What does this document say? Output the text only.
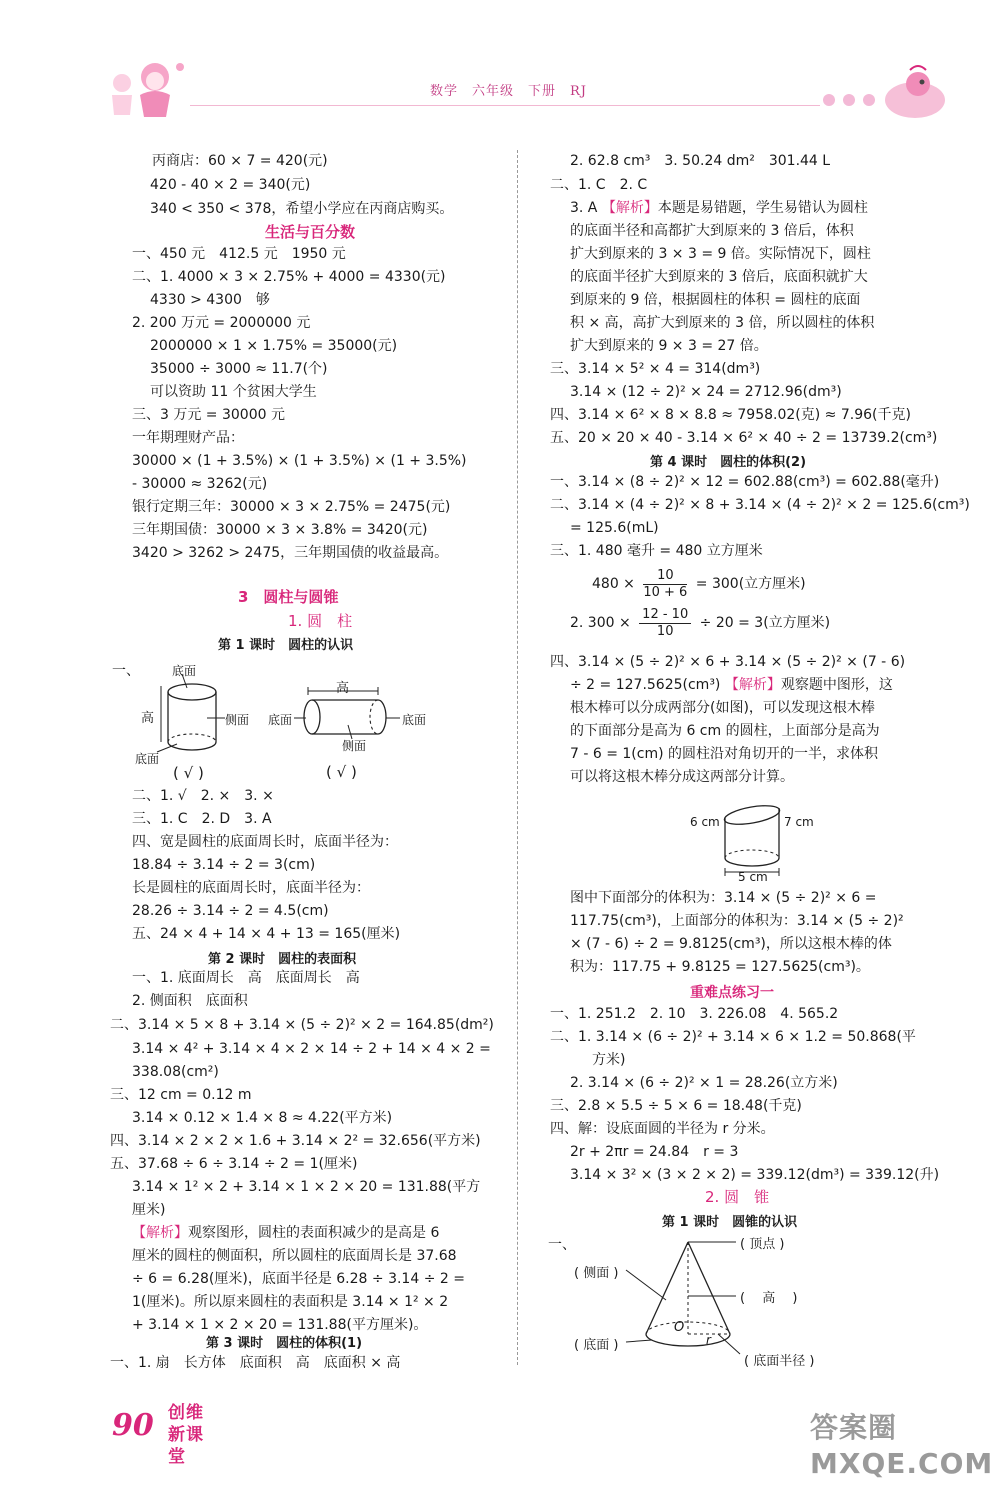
数学　六年级　下册　RJ
丙商店：60 × 7 = 420(元)
420 - 40 × 2 = 340(元)
340 < 350 < 378，希望小学应在丙商店购买。
生活与百分数
一、450 元　412.5 元　1950 元
二、1. 4000 × 3 × 2.75% + 4000 = 4330(元)
4330 > 4300　够
2. 200 万元 = 2000000 元
2000000 × 1 × 1.75% = 35000(元)
35000 ÷ 3000 ≈ 11.7(个)
可以资助 11 个贫困大学生
三、3 万元 = 30000 元
一年期理财产品：
30000 × (1 + 3.5%) × (1 + 3.5%) × (1 + 3.5%)
- 30000 ≈ 3262(元)
银行定期三年：30000 × 3 × 2.75% = 2475(元)
三年期国债：30000 × 3 × 3.8% = 3420(元)
3420 > 3262 > 2475，三年期国债的收益最高。
3　圆柱与圆锥
1. 圆　柱
第 1 课时　圆柱的认识
一、	底面
高	侧面
底面
( √ )
高
底面	底面
侧面
( √ )
二、1. √　2. ×　3. ×
三、1. C　2. D　3. A
四、宽是圆柱的底面周长时，底面半径为：
18.84 ÷ 3.14 ÷ 2 = 3(cm)
长是圆柱的底面周长时，底面半径为：
28.26 ÷ 3.14 ÷ 2 = 4.5(cm)
五、24 × 4 + 14 × 4 + 13 = 165(厘米)
第 2 课时　圆柱的表面积
一、1. 底面周长　高　底面周长　高
2. 侧面积　底面积
二、3.14 × 5 × 8 + 3.14 × (5 ÷ 2)² × 2 = 164.85(dm²)
3.14 × 4² + 3.14 × 4 × 2 × 14 ÷ 2 + 14 × 4 × 2 =
338.08(cm²)
三、12 cm = 0.12 m
3.14 × 0.12 × 1.4 × 8 ≈ 4.22(平方米)
四、3.14 × 2 × 2 × 1.6 + 3.14 × 2² = 32.656(平方米)
五、37.68 ÷ 6 ÷ 3.14 ÷ 2 = 1(厘米)
3.14 × 1² × 2 + 3.14 × 1 × 2 × 20 = 131.88(平方
厘米)
【解析】观察图形，圆柱的表面积减少的是高是 6
厘米的圆柱的侧面积，所以圆柱的底面周长是 37.68
÷ 6 = 6.28(厘米)，底面半径是 6.28 ÷ 3.14 ÷ 2 =
1(厘米)。所以原来圆柱的表面积是 3.14 × 1² × 2
+ 3.14 × 1 × 2 × 20 = 131.88(平方厘米)。
第 3 课时　圆柱的体积(1)
一、1. 扇　长方体　底面积　高　底面积 × 高
2. 62.8 cm³　3. 50.24 dm²　301.44 L
二、1. C　2. C
3. A 【解析】本题是易错题，学生易错认为圆柱
的底面半径和高都扩大到原来的 3 倍后，体积
扩大到原来的 3 × 3 = 9 倍。实际情况下，圆柱
的底面半径扩大到原来的 3 倍后，底面积就扩大
到原来的 9 倍，根据圆柱的体积 = 圆柱的底面
积 × 高，高扩大到原来的 3 倍，所以圆柱的体积
扩大到原来的 9 × 3 = 27 倍。
三、3.14 × 5² × 4 = 314(dm³)
3.14 × (12 ÷ 2)² × 24 = 2712.96(dm³)
四、3.14 × 6² × 8 × 8.8 ≈ 7958.02(克) ≈ 7.96(千克)
五、20 × 20 × 40 - 3.14 × 6² × 40 ÷ 2 = 13739.2(cm³)
第 4 课时　圆柱的体积(2)
一、3.14 × (8 ÷ 2)² × 12 = 602.88(cm³) = 602.88(毫升)
二、3.14 × (4 ÷ 2)² × 8 + 3.14 × (4 ÷ 2)² × 2 = 125.6(cm³)
= 125.6(mL)
三、1. 480 毫升 = 480 立方厘米
$480 \times \frac{10}{10 + 6} = 300$(立方厘米)
2. $300 \times \frac{12 - 10}{10} \div 20 = 3$(立方厘米)
四、3.14 × (5 ÷ 2)² × 6 + 3.14 × (5 ÷ 2)² × (7 - 6)
÷ 2 = 127.5625(cm³) 【解析】观察题中图形，这
根木棒可以分成两部分(如图)，可以发现这根木棒
的下面部分是高为 6 cm 的圆柱，上面部分是高为
7 - 6 = 1(cm) 的圆柱沿对角切开的一半，求体积
可以将这根木棒分成这两部分计算。
6 cm	7 cm
5 cm
图中下面部分的体积为：3.14 × (5 ÷ 2)² × 6 =
117.75(cm³)，上面部分的体积为：3.14 × (5 ÷ 2)²
× (7 - 6) ÷ 2 = 9.8125(cm³)，所以这根木棒的体
积为：117.75 + 9.8125 = 127.5625(cm³)。
重难点练习一
一、1. 251.2　2. 10　3. 226.08　4. 565.2
二、1. 3.14 × (6 ÷ 2)² + 3.14 × 6 × 1.2 = 50.868(平
方米)
2. 3.14 × (6 ÷ 2)² × 1 = 28.26(立方米)
三、2.8 × 5.5 ÷ 5 × 6 = 18.48(千克)
四、解：设底面圆的半径为 r 分米。
2r + 2πr = 24.84　r = 3
3.14 × 3² × (3 × 2 × 2) = 339.12(dm³) = 339.12(升)
2. 圆　锥
第 1 课时　圆锥的认识
一、	( 顶点 )
( 侧面 )
( 　高　 )
( 底面 )
( 底面半径 )
O
r
90 创维新课堂
答案圈 MXQE.COM
